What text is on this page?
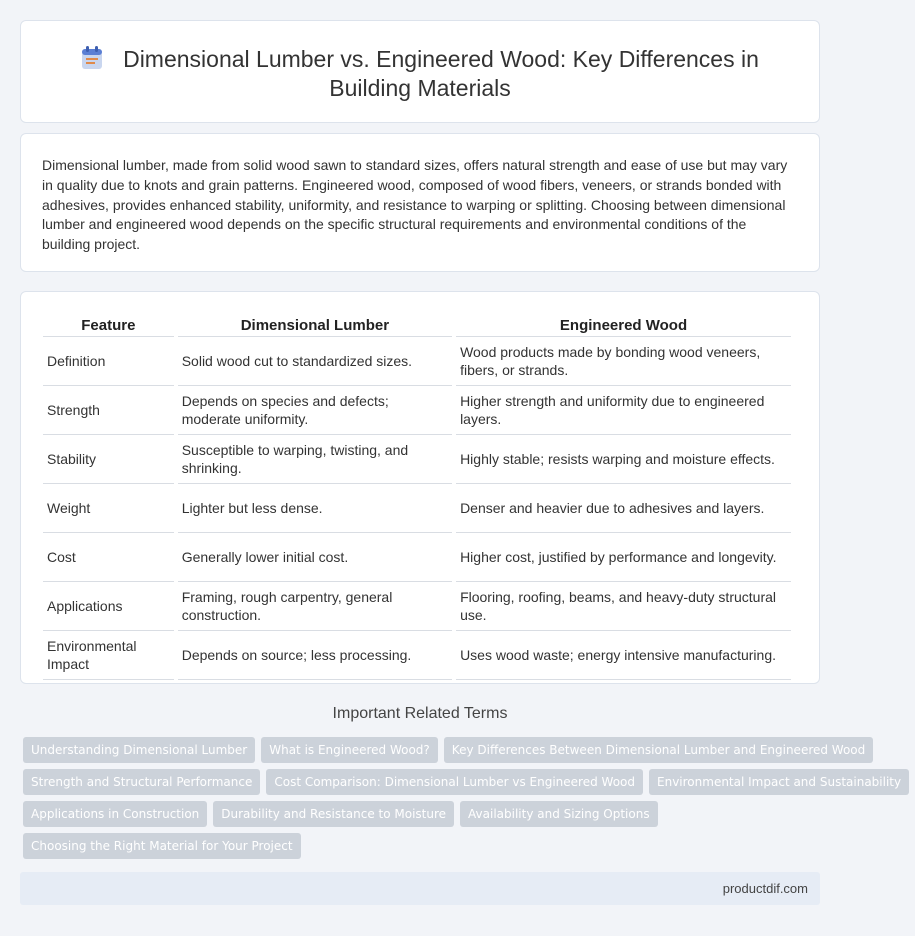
Dimensional Lumber vs. Engineered Wood: Key Differences in Building Materials

Dimensional lumber, made from solid wood sawn to standard sizes, offers natural strength and ease of use but may vary in quality due to knots and grain patterns. Engineered wood, composed of wood fibers, veneers, or strands bonded with adhesives, provides enhanced stability, uniformity, and resistance to warping or splitting. Choosing between dimensional lumber and engineered wood depends on the specific structural requirements and environmental conditions of the building project.

Feature	Dimensional Lumber	Engineered Wood
Definition	Solid wood cut to standardized sizes.	Wood products made by bonding wood veneers, fibers, or strands.
Strength	Depends on species and defects; moderate uniformity.	Higher strength and uniformity due to engineered layers.
Stability	Susceptible to warping, twisting, and shrinking.	Highly stable; resists warping and moisture effects.
Weight	Lighter but less dense.	Denser and heavier due to adhesives and layers.
Cost	Generally lower initial cost.	Higher cost, justified by performance and longevity.
Applications	Framing, rough carpentry, general construction.	Flooring, roofing, beams, and heavy-duty structural use.
Environmental Impact	Depends on source; less processing.	Uses wood waste; energy intensive manufacturing.
Important Related Terms
Understanding Dimensional Lumber What is Engineered Wood? Key Differences Between Dimensional Lumber and Engineered Wood
Strength and Structural Performance Cost Comparison: Dimensional Lumber vs Engineered Wood Environmental Impact and Sustainability
Applications in Construction Durability and Resistance to Moisture Availability and Sizing Options
Choosing the Right Material for Your Project
productdif.com
